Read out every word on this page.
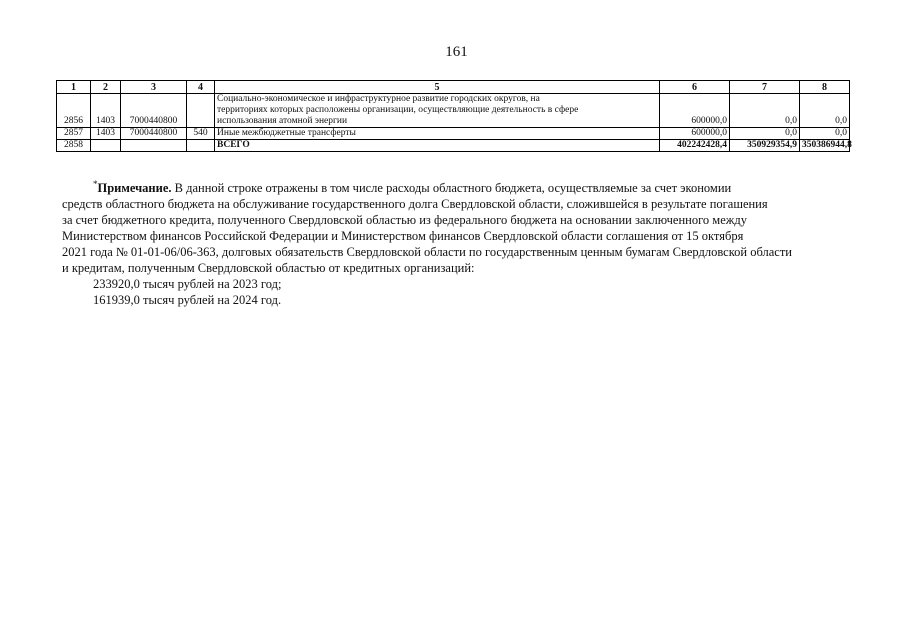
161
1	2	3	4	5	6	7	8
2856	1403	7000440800		Социально-экономическое и инфраструктурное развитие городских округов, на
территориях которых расположены организации, осуществляющие деятельность в сфере
использования атомной энергии	600000,0	0,0	0,0
2857	1403	7000440800	540	Иные межбюджетные трансферты	600000,0	0,0	0,0
2858				ВСЕГО	402242428,4	350929354,9	350386944,8

*Примечание. В данной строке отражены в том числе расходы областного бюджета, осуществляемые за счет экономии

средств областного бюджета на обслуживание государственного долга Свердловской области, сложившейся в результате погашения

за счет бюджетного кредита, полученного Свердловской областью из федерального бюджета на основании заключенного между

Министерством финансов Российской Федерации и Министерством финансов Свердловской области соглашения от 15 октября

2021 года № 01-01-06/06-363, долговых обязательств Свердловской области по государственным ценным бумагам Свердловской области

и кредитам, полученным Свердловской областью от кредитных организаций:

233920,0 тысяч рублей на 2023 год;

161939,0 тысяч рублей на 2024 год.
